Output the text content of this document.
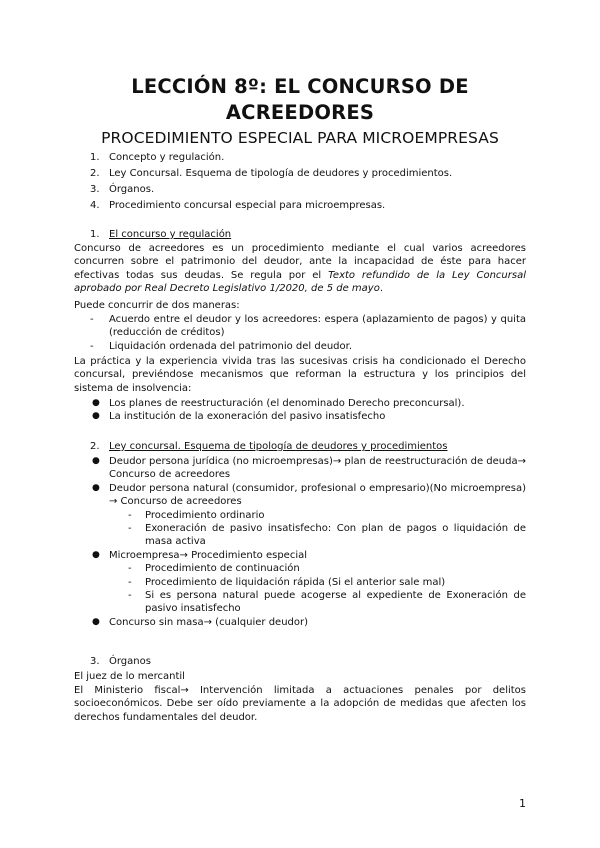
LECCIÓN 8º: EL CONCURSO DE
ACREEDORES
PROCEDIMIENTO ESPECIAL PARA MICROEMPRESAS
1. Concepto y regulación.
2. Ley Concursal. Esquema de tipología de deudores y procedimientos.
3. Órganos.
4. Procedimiento concursal especial para microempresas.
1. El concurso y regulación
Concurso de acreedores es un procedimiento mediante el cual varios acreedores concurren sobre el patrimonio del deudor, ante la incapacidad de éste para hacer efectivas todas sus deudas. Se regula por el Texto refundido de la Ley Concursal aprobado por Real Decreto Legislativo 1/2020, de 5 de mayo.
Puede concurrir de dos maneras:
- Acuerdo entre el deudor y los acreedores: espera (aplazamiento de pagos) y quita (reducción de créditos)
- Liquidación ordenada del patrimonio del deudor.
La práctica y la experiencia vivida tras las sucesivas crisis ha condicionado el Derecho concursal, previéndose mecanismos que reforman la estructura y los principios del sistema de insolvencia:
● Los planes de reestructuración (el denominado Derecho preconcursal).
● La institución de la exoneración del pasivo insatisfecho
2. Ley concursal. Esquema de tipología de deudores y procedimientos
● Deudor persona jurídica (no microempresas)→ plan de reestructuración de deuda→ Concurso de acreedores
● Deudor persona natural (consumidor, profesional o empresario)(No microempresa) → Concurso de acreedores
- Procedimiento ordinario
- Exoneración de pasivo insatisfecho: Con plan de pagos o liquidación de masa activa
● Microempresa→ Procedimiento especial
- Procedimiento de continuación
- Procedimiento de liquidación rápida (Si el anterior sale mal)
- Si es persona natural puede acogerse al expediente de Exoneración de pasivo insatisfecho
● Concurso sin masa→ (cualquier deudor)
3. Órganos
El juez de lo mercantil
El Ministerio fiscal→ Intervención limitada a actuaciones penales por delitos socioeconómicos. Debe ser oído previamente a la adopción de medidas que afecten los derechos fundamentales del deudor.
1
